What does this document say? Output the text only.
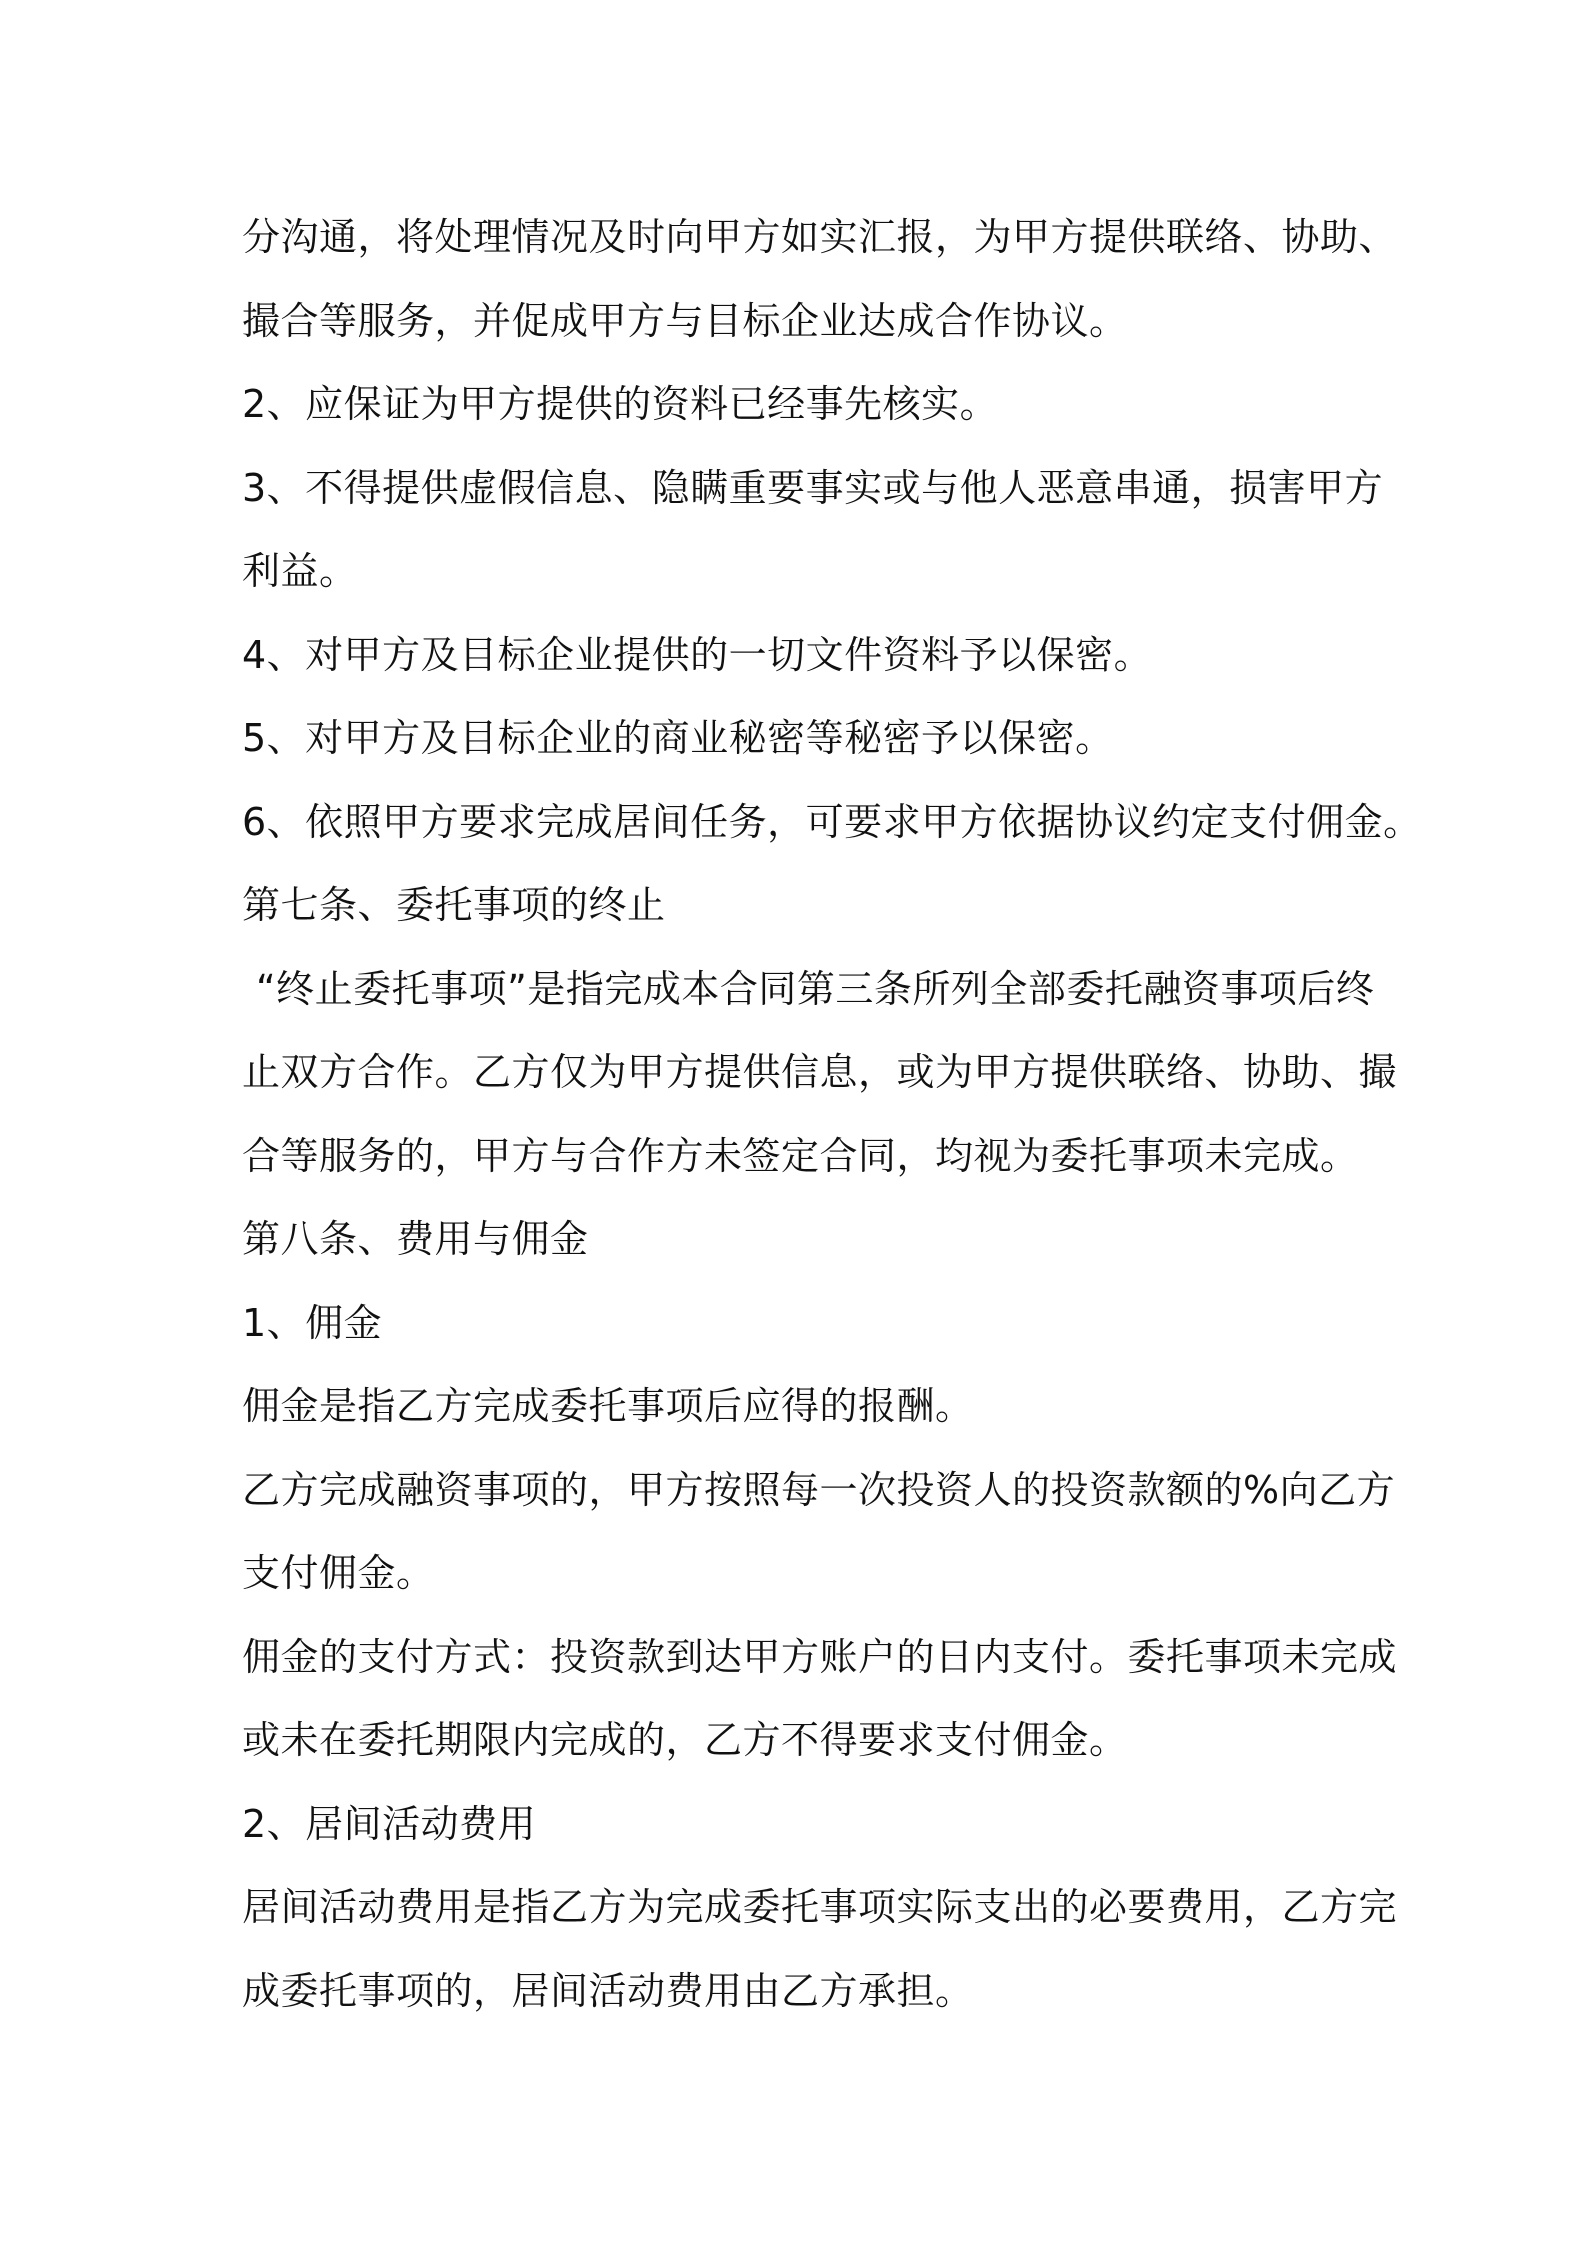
分沟通，将处理情况及时向甲方如实汇报，为甲方提供联络、协助、
撮合等服务，并促成甲方与目标企业达成合作协议。
2、应保证为甲方提供的资料已经事先核实。
3、不得提供虚假信息、隐瞒重要事实或与他人恶意串通，损害甲方
利益。
4、对甲方及目标企业提供的一切文件资料予以保密。
5、对甲方及目标企业的商业秘密等秘密予以保密。
6、依照甲方要求完成居间任务，可要求甲方依据协议约定支付佣金。
第七条、委托事项的终止
“终止委托事项”是指完成本合同第三条所列全部委托融资事项后终
止双方合作。乙方仅为甲方提供信息，或为甲方提供联络、协助、撮
合等服务的，甲方与合作方未签定合同，均视为委托事项未完成。
第八条、费用与佣金
1、佣金
佣金是指乙方完成委托事项后应得的报酬。
乙方完成融资事项的，甲方按照每一次投资人的投资款额的%向乙方
支付佣金。
佣金的支付方式：投资款到达甲方账户的日内支付。委托事项未完成
或未在委托期限内完成的，乙方不得要求支付佣金。
2、居间活动费用
居间活动费用是指乙方为完成委托事项实际支出的必要费用，乙方完
成委托事项的，居间活动费用由乙方承担。
